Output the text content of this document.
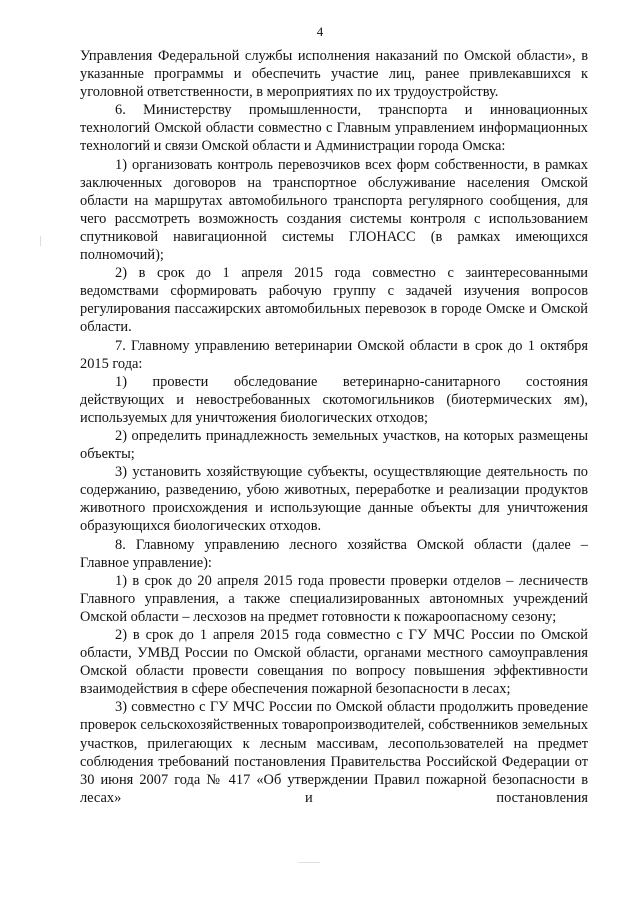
4

Управления Федеральной службы исполнения наказаний по Омской области», в указанные программы и обеспечить участие лиц, ранее привлекавшихся к уголовной ответственности, в мероприятиях по их трудоустройству.

6. Министерству промышленности, транспорта и инновационных технологий Омской области совместно с Главным управлением информационных технологий и связи Омской области и Администрации города Омска:

1) организовать контроль перевозчиков всех форм собственности, в рамках заключенных договоров на транспортное обслуживание населения Омской области на маршрутах автомобильного транспорта регулярного сообщения, для чего рассмотреть возможность создания системы контроля с использованием спутниковой навигационной системы ГЛОНАСС (в рамках имеющихся полномочий);

2) в срок до 1 апреля 2015 года совместно с заинтересованными ведомствами сформировать рабочую группу с задачей изучения вопросов регулирования пассажирских автомобильных перевозок в городе Омске и Омской области.

7. Главному управлению ветеринарии Омской области в срок до 1 октября 2015 года:

1) провести обследование ветеринарно-санитарного состояния действующих и невостребованных скотомогильников (биотермических ям), используемых для уничтожения биологических отходов;

2) определить принадлежность земельных участков, на которых размещены объекты;

3) установить хозяйствующие субъекты, осуществляющие деятельность по содержанию, разведению, убою животных, переработке и реализации продуктов животного происхождения и использующие данные объекты для уничтожения образующихся биологических отходов.

8. Главному управлению лесного хозяйства Омской области (далее – Главное управление):

1) в срок до 20 апреля 2015 года провести проверки отделов – лесничеств Главного управления, а также специализированных автономных учреждений Омской области – лесхозов на предмет готовности к пожароопасному сезону;

2) в срок до 1 апреля 2015 года совместно с ГУ МЧС России по Омской области, УМВД России по Омской области, органами местного самоуправления Омской области провести совещания по вопросу повышения эффективности взаимодействия в сфере обеспечения пожарной безопасности в лесах;

3) совместно с ГУ МЧС России по Омской области продолжить проведение проверок сельскохозяйственных товаропроизводителей, собственников земельных участков, прилегающих к лесным массивам, лесопользователей на предмет соблюдения требований постановления Правительства Российской Федерации от 30 июня 2007 года № 417 «Об утверждении Правил пожарной безопасности в лесах» и постановления
